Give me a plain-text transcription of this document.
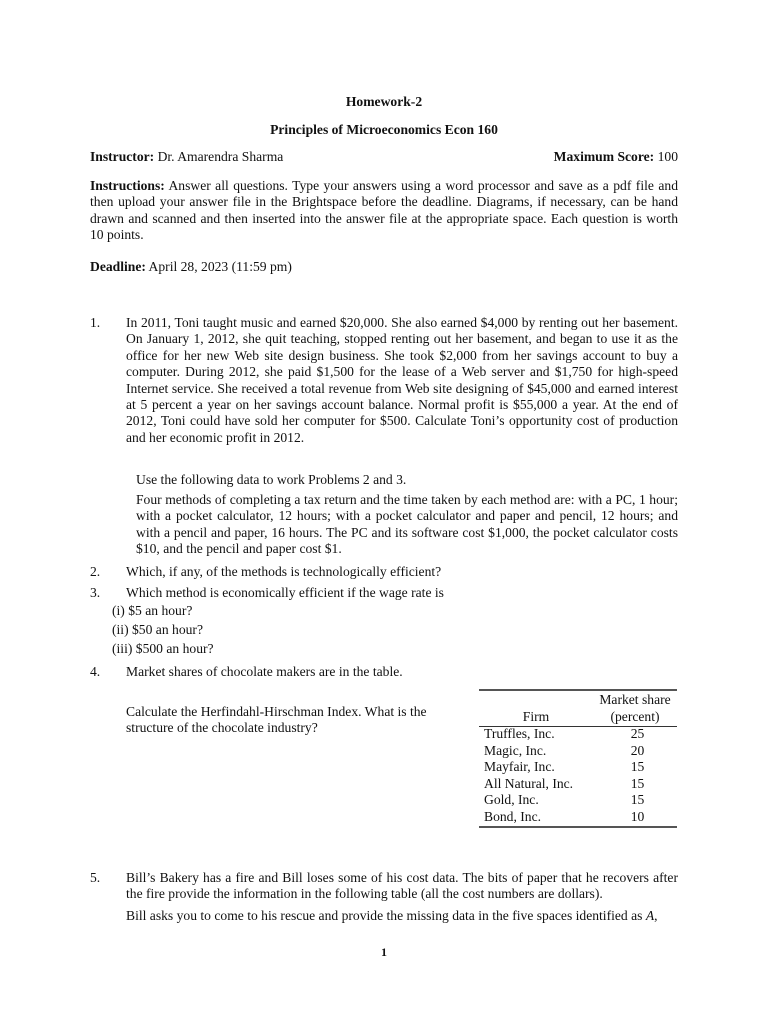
Homework-2
Principles of Microeconomics Econ 160
Instructor: Dr. Amarendra Sharma	Maximum Score: 100
Instructions: Answer all questions. Type your answers using a word processor and save as a pdf file and then upload your answer file in the Brightspace before the deadline. Diagrams, if necessary, can be hand drawn and scanned and then inserted into the answer file at the appropriate space. Each question is worth 10 points.
Deadline: April 28, 2023 (11:59 pm)
1. In 2011, Toni taught music and earned $20,000. She also earned $4,000 by renting out her basement. On January 1, 2012, she quit teaching, stopped renting out her basement, and began to use it as the office for her new Web site design business. She took $2,000 from her savings account to buy a computer. During 2012, she paid $1,500 for the lease of a Web server and $1,750 for high-speed Internet service. She received a total revenue from Web site designing of $45,000 and earned interest at 5 percent a year on her savings account balance. Normal profit is $55,000 a year. At the end of 2012, Toni could have sold her computer for $500. Calculate Toni’s opportunity cost of production and her economic profit in 2012.
Use the following data to work Problems 2 and 3.
Four methods of completing a tax return and the time taken by each method are: with a PC, 1 hour; with a pocket calculator, 12 hours; with a pocket calculator and paper and pencil, 12 hours; and with a pencil and paper, 16 hours. The PC and its software cost $1,000, the pocket calculator costs $10, and the pencil and paper cost $1.
2. Which, if any, of the methods is technologically efficient?
3. Which method is economically efficient if the wage rate is
(i) $5 an hour?
(ii) $50 an hour?
(iii) $500 an hour?
4. Market shares of chocolate makers are in the table.
Calculate the Herfindahl-Hirschman Index. What is the structure of the chocolate industry?
Firm	
Market share
(percent)
Truffles, Inc.	25
Magic, Inc.	20
Mayfair, Inc.	15
All Natural, Inc.	15
Gold, Inc.	15
Bond, Inc.	10
5. Bill’s Bakery has a fire and Bill loses some of his cost data. The bits of paper that he recovers after the fire provide the information in the following table (all the cost numbers are dollars).
Bill asks you to come to his rescue and provide the missing data in the five spaces identified as A,
1
